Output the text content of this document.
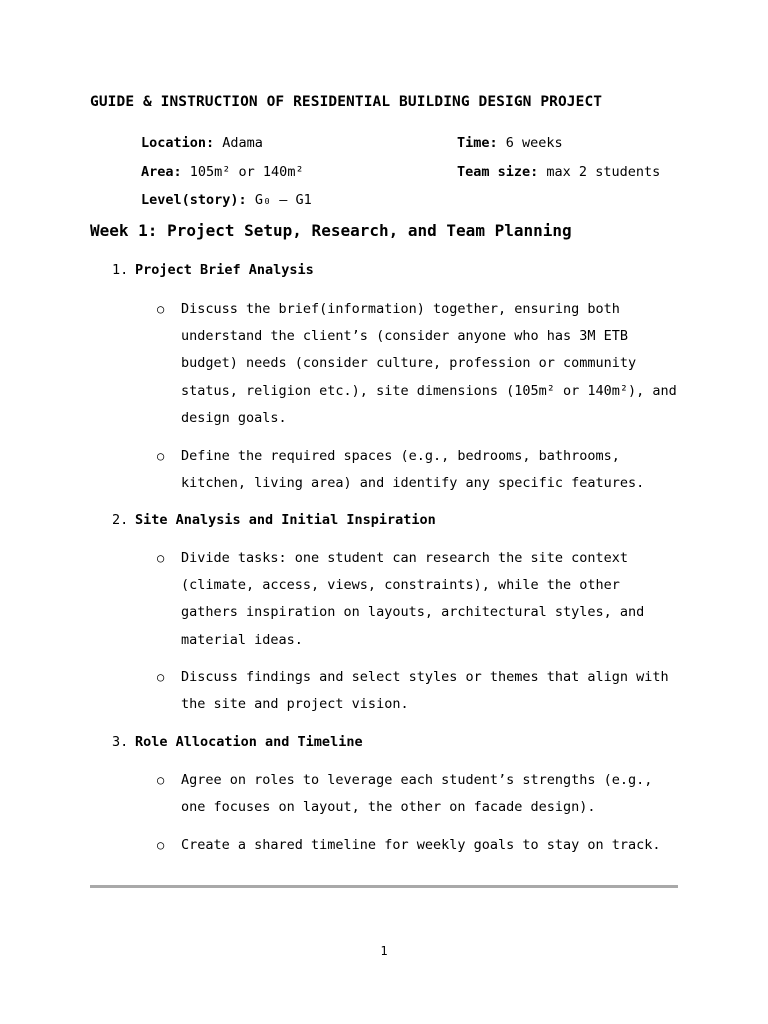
GUIDE & INSTRUCTION OF RESIDENTIAL BUILDING DESIGN PROJECT
Location: Adama	Time: 6 weeks
Area: 105m² or 140m²	Team size: max 2 students
Level(story): G₀ – G1
Week 1: Project Setup, Research, and Team Planning
1. Project Brief Analysis
○ Discuss the brief(information) together, ensuring both understand the client’s (consider anyone who has 3M ETB budget) needs (consider culture, profession or community status, religion etc.), site dimensions (105m² or 140m²), and design goals.
○ Define the required spaces (e.g., bedrooms, bathrooms, kitchen, living area) and identify any specific features.
2. Site Analysis and Initial Inspiration
○ Divide tasks: one student can research the site context (climate, access, views, constraints), while the other gathers inspiration on layouts, architectural styles, and material ideas.
○ Discuss findings and select styles or themes that align with the site and project vision.
3. Role Allocation and Timeline
○ Agree on roles to leverage each student’s strengths (e.g., one focuses on layout, the other on facade design).
○ Create a shared timeline for weekly goals to stay on track.
1
